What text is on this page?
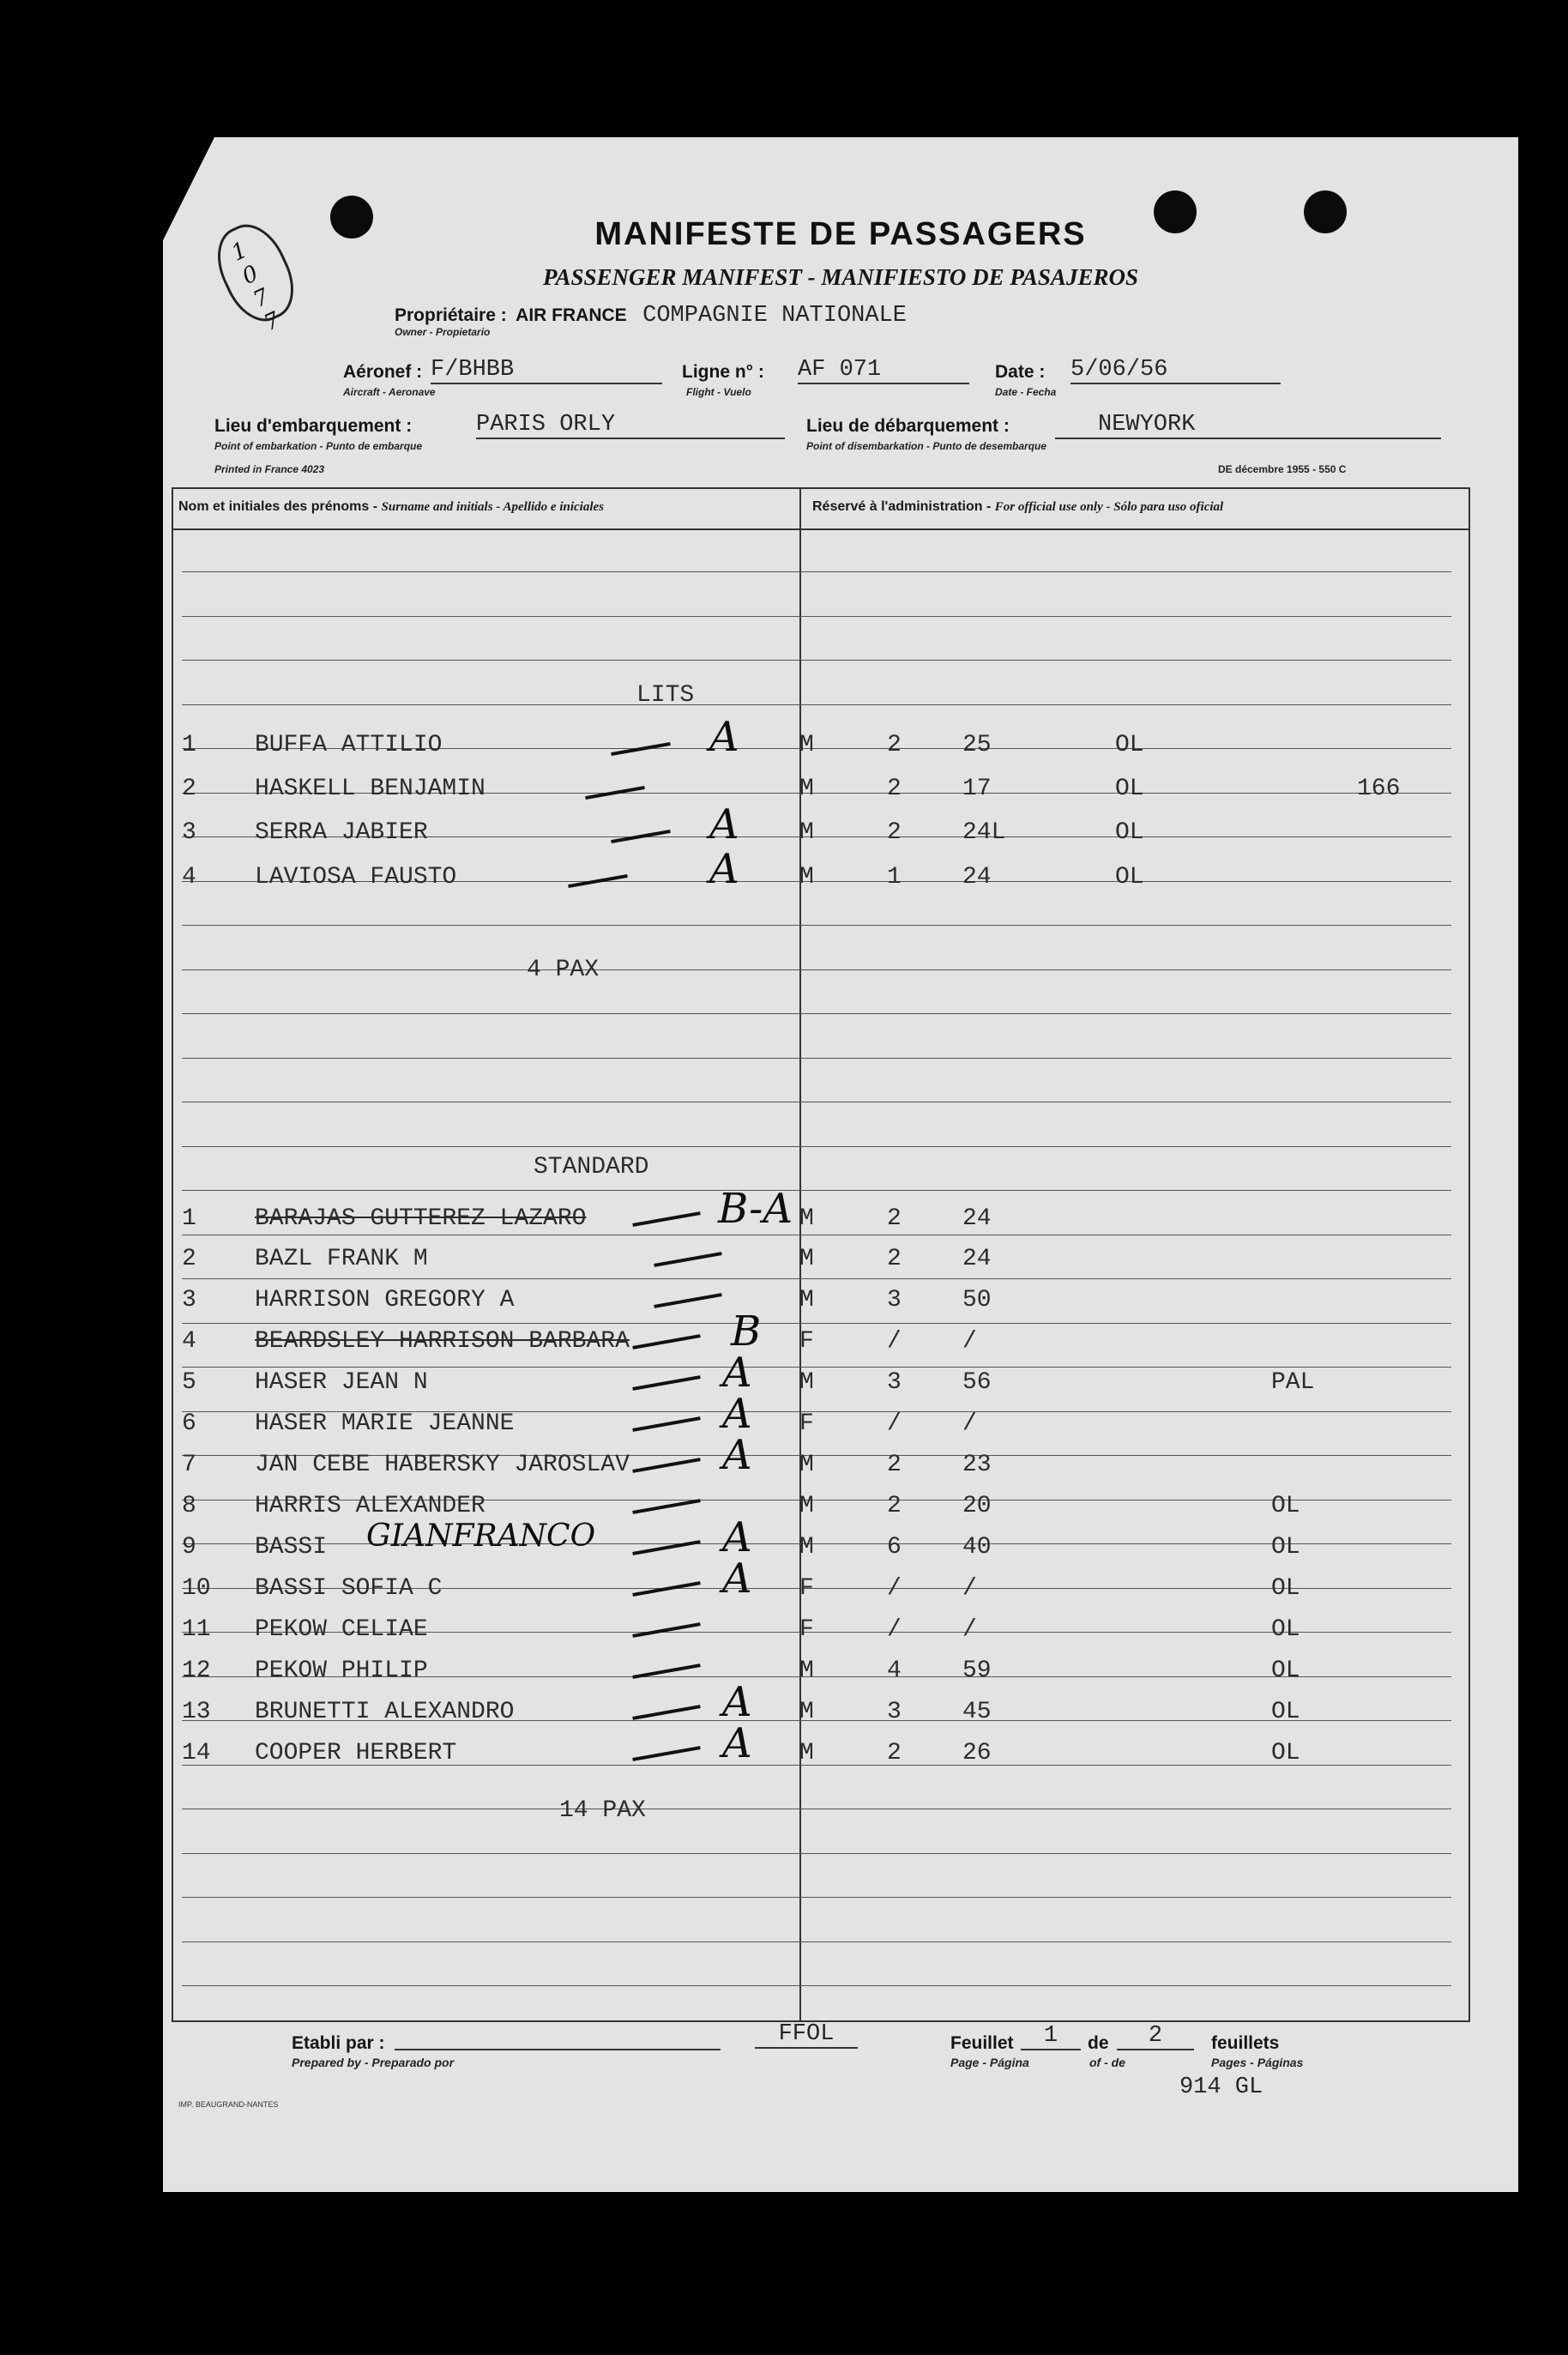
10 77
MANIFESTE DE PASSAGERS
PASSENGER MANIFEST - MANIFIESTO DE PASAJEROS
Propriétaire : AIR FRANCE COMPAGNIE NATIONALE
Owner - Propietario
Aéronef : F/BHBB
Aircraft - Aeronave
Ligne n° : AF 071
Flight - Vuelo
Date : 5/06/56
Date - Fecha
Lieu d'embarquement :	PARIS ORLY
Point of embarkation - Punto de embarque
Lieu de débarquement :	NEWYORK
Point of disembarkation - Punto de desembarque
Printed in France 4023	DE décembre 1955 - 550 C
Nom et initiales des prénoms - Surname and initials - Apellido e iniciales	Réservé à l'administration - For official use only - Sólo para uso oficial
LITS
1 BUFFA ATTILIO	M	2	25	OL
A
2 HASKELL BENJAMIN	M	2	17	OL	166
3 SERRA JABIER	M	2	24L	OL
A
4 LAVIOSA FAUSTO	M	1	24	OL
A
4 PAX
STANDARD
1 BARAJAS GUTTEREZ LAZARO	M	2	24
B-A
2 BAZL FRANK M	M	2	24
3 HARRISON GREGORY A	M	3	50
4 BEARDSLEY HARRISON BARBARA	F	/	/
B
5 HASER JEAN N	M	3	56	PAL
A
6 HASER MARIE JEANNE	F	/	/
A
7 JAN CEBE HABERSKY JAROSLAV	M	2	23
A
8 HARRIS ALEXANDER	M	2	20	OL
9 BASSI GIANFRANCO	M	6	40	OL
A
10 BASSI SOFIA C	F	/	/	OL
A
11 PEKOW CELIAE	F	/	/	OL
12 PEKOW PHILIP	M	4	59	OL
13 BRUNETTI ALEXANDRO	M	3	45	OL
A
14 COOPER HERBERT	M	2	26	OL
A
14 PAX
Etabli par :
Prepared by - Preparado por
FFOL	Feuillet	1	de	2	feuillets
Page - Página	of - de	Pages - Páginas
914 GL
IMP. BEAUGRAND-NANTES
